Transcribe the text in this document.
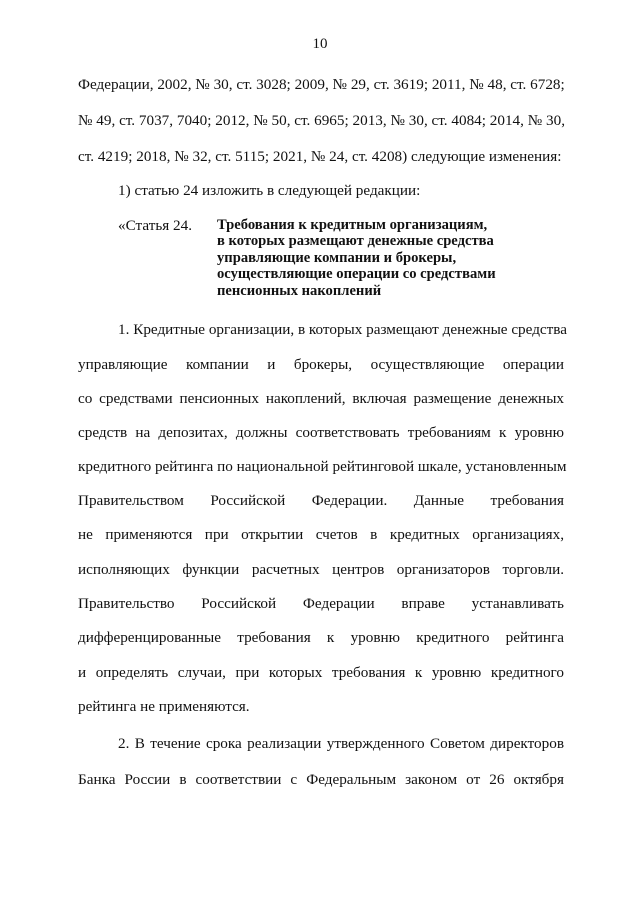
10
Федерации, 2002, № 30, ст. 3028; 2009, № 29, ст. 3619; 2011, № 48, ст. 6728;
№ 49, ст. 7037, 7040; 2012, № 50, ст. 6965; 2013, № 30, ст. 4084; 2014, № 30,
ст. 4219; 2018, № 32, ст. 5115; 2021, № 24, ст. 4208) следующие изменения:
1) статью 24 изложить в следующей редакции:
«Статья 24. Требования к кредитным организациям,
в которых размещают денежные средства
управляющие компании и брокеры,
осуществляющие операции со средствами
пенсионных накоплений
1. Кредитные организации, в которых размещают денежные средства
управляющие компании и брокеры, осуществляющие операции
со средствами пенсионных накоплений, включая размещение денежных
средств на депозитах, должны соответствовать требованиям к уровню
кредитного рейтинга по национальной рейтинговой шкале, установленным
Правительством Российской Федерации. Данные требования
не применяются при открытии счетов в кредитных организациях,
исполняющих функции расчетных центров организаторов торговли.
Правительство Российской Федерации вправе устанавливать
дифференцированные требования к уровню кредитного рейтинга
и определять случаи, при которых требования к уровню кредитного
рейтинга не применяются.
2. В течение срока реализации утвержденного Советом директоров
Банка России в соответствии с Федеральным законом от 26 октября
